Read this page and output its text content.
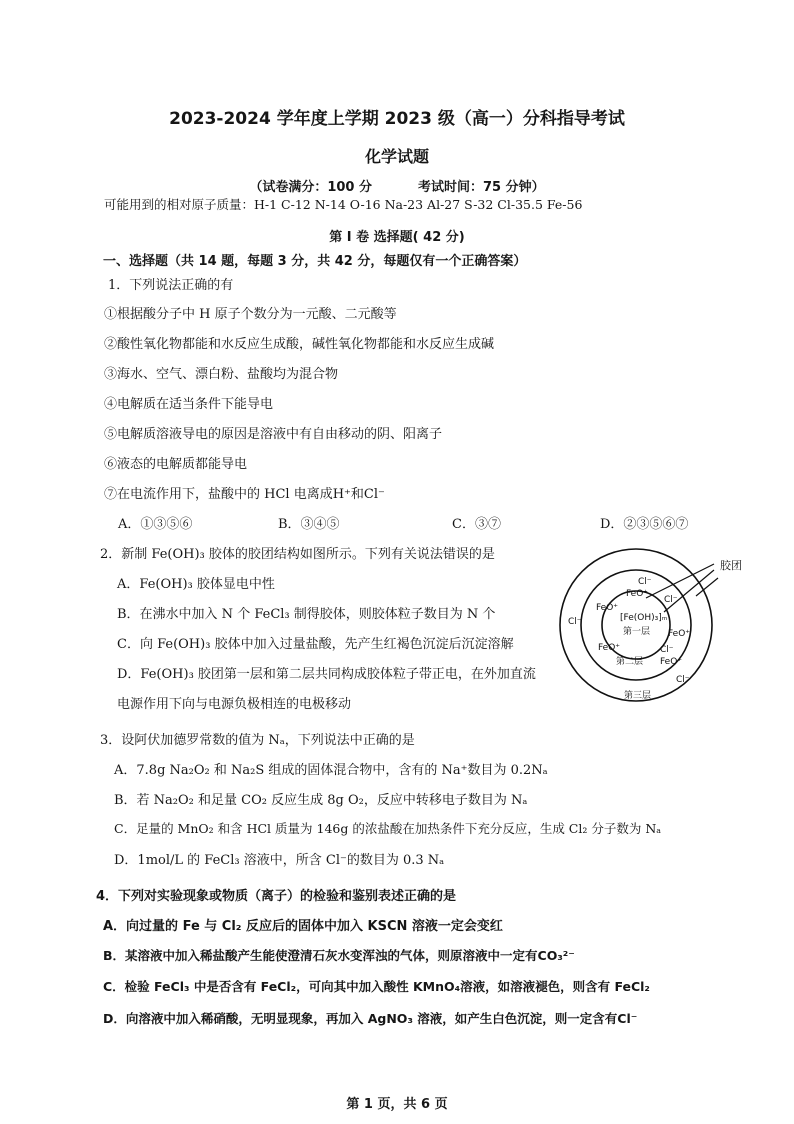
2023-2024 学年度上学期 2023 级（高一）分科指导考试
化学试题
（试卷满分：100 分	考试时间：75 分钟）
可能用到的相对原子质量：H-1 C-12 N-14 O-16 Na-23 Al-27 S-32 Cl-35.5 Fe-56
第 Ⅰ 卷 选择题( 42 分)
一、选择题（共 14 题，每题 3 分，共 42 分，每题仅有一个正确答案）
1．下列说法正确的有
①根据酸分子中 H 原子个数分为一元酸、二元酸等
②酸性氧化物都能和水反应生成酸，碱性氧化物都能和水反应生成碱
③海水、空气、漂白粉、盐酸均为混合物
④电解质在适当条件下能导电
⑤电解质溶液导电的原因是溶液中有自由移动的阴、阳离子
⑥液态的电解质都能导电
⑦在电流作用下，盐酸中的 HCl 电离成H⁺和Cl⁻
A．①③⑤⑥	B．③④⑤	C．③⑦	D．②③⑤⑥⑦
2．新制 Fe(OH)₃ 胶体的胶团结构如图所示。下列有关说法错误的是
A．Fe(OH)₃ 胶体显电中性
B．在沸水中加入 N 个 FeCl₃ 制得胶体，则胶体粒子数目为 N 个
C．向 Fe(OH)₃ 胶体中加入过量盐酸，先产生红褐色沉淀后沉淀溶解
D．Fe(OH)₃ 胶团第一层和第二层共同构成胶体粒子带正电，在外加直流
电源作用下向与电源负极相连的电极移动
[Fe(OH)₃]ₘ
第一层
第二层
第三层
FeO⁺
FeO⁺
FeO⁺
FeO⁺
FeO⁺
Cl⁻
Cl⁻
Cl⁻
Cl⁻
Cl⁻
胶团
3．设阿伏加德罗常数的值为 Nₐ，下列说法中正确的是
A．7.8g Na₂O₂ 和 Na₂S 组成的固体混合物中，含有的 Na⁺数目为 0.2Nₐ
B．若 Na₂O₂ 和足量 CO₂ 反应生成 8g O₂，反应中转移电子数目为 Nₐ
C．足量的 MnO₂ 和含 HCl 质量为 146g 的浓盐酸在加热条件下充分反应，生成 Cl₂ 分子数为 Nₐ
D．1mol/L 的 FeCl₃ 溶液中，所含 Cl⁻的数目为 0.3 Nₐ
4．下列对实验现象或物质（离子）的检验和鉴别表述正确的是
A．向过量的 Fe 与 Cl₂ 反应后的固体中加入 KSCN 溶液一定会变红
B．某溶液中加入稀盐酸产生能使澄清石灰水变浑浊的气体，则原溶液中一定有CO₃²⁻
C．检验 FeCl₃ 中是否含有 FeCl₂，可向其中加入酸性 KMnO₄溶液，如溶液褪色，则含有 FeCl₂
D．向溶液中加入稀硝酸，无明显现象，再加入 AgNO₃ 溶液，如产生白色沉淀，则一定含有Cl⁻
第 1 页，共 6 页
